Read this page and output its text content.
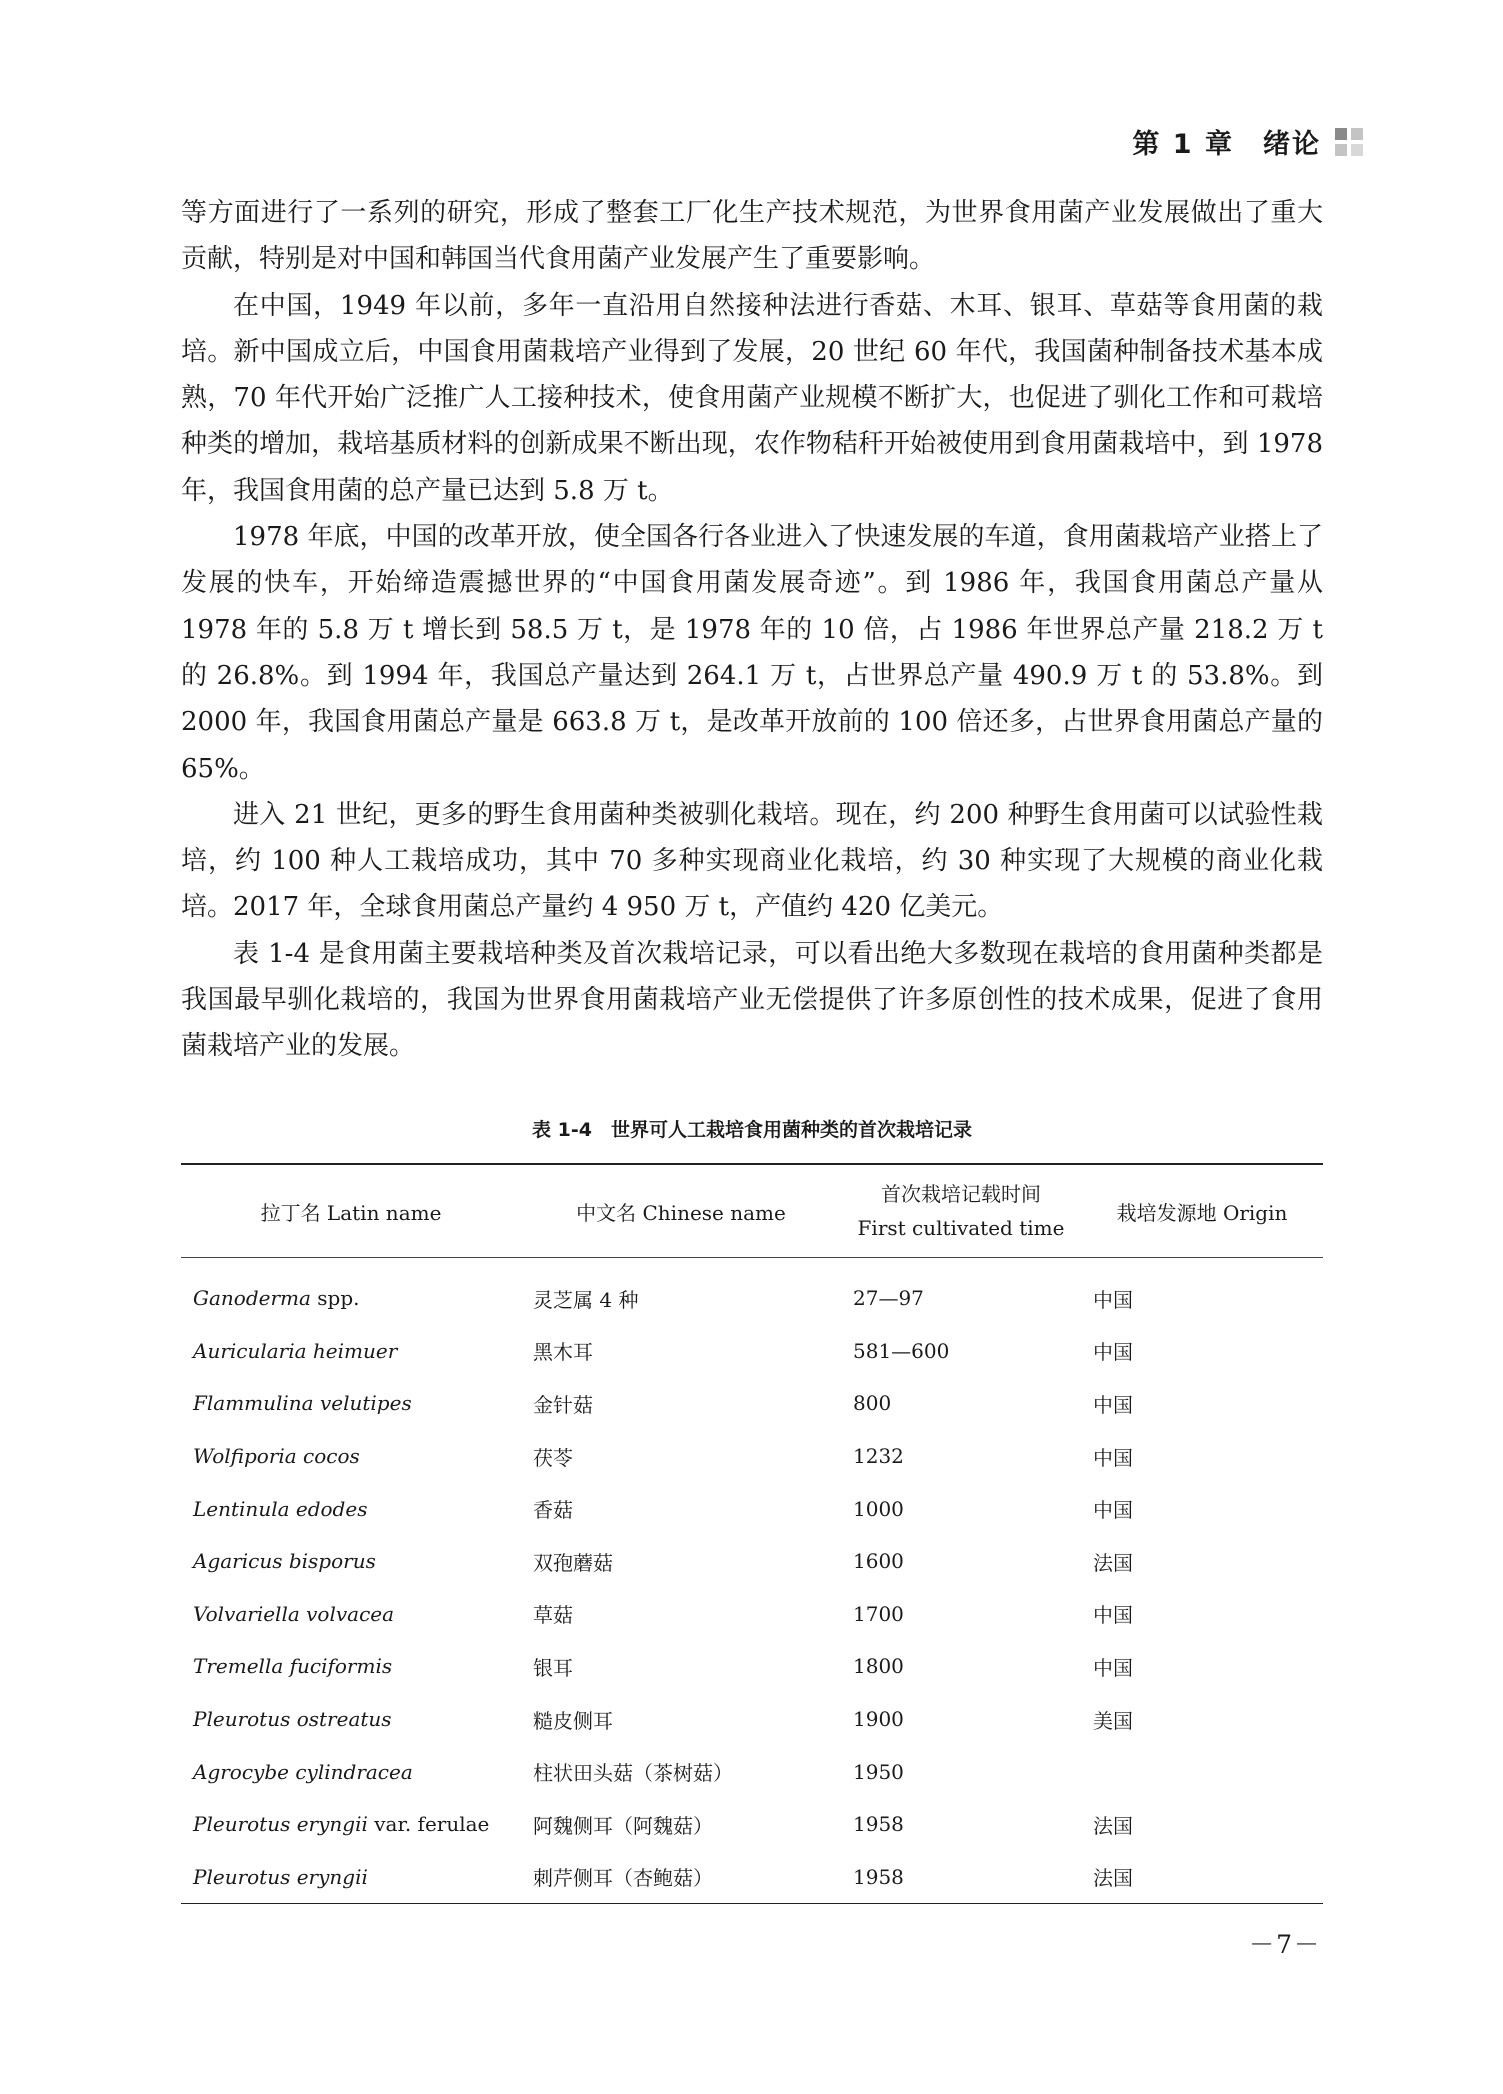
第 1 章　绪论

等方面进行了一系列的研究，形成了整套工厂化生产技术规范，为世界食用菌产业发展做出了重大贡献，特别是对中国和韩国当代食用菌产业发展产生了重要影响。

在中国，1949 年以前，多年一直沿用自然接种法进行香菇、木耳、银耳、草菇等食用菌的栽培。新中国成立后，中国食用菌栽培产业得到了发展，20 世纪 60 年代，我国菌种制备技术基本成熟，70 年代开始广泛推广人工接种技术，使食用菌产业规模不断扩大，也促进了驯化工作和可栽培种类的增加，栽培基质材料的创新成果不断出现，农作物秸秆开始被使用到食用菌栽培中，到 1978 年，我国食用菌的总产量已达到 5.8 万 t。

1978 年底，中国的改革开放，使全国各行各业进入了快速发展的车道，食用菌栽培产业搭上了发展的快车，开始缔造震撼世界的“中国食用菌发展奇迹”。到 1986 年，我国食用菌总产量从 1978 年的 5.8 万 t 增长到 58.5 万 t，是 1978 年的 10 倍，占 1986 年世界总产量 218.2 万 t 的 26.8%。到 1994 年，我国总产量达到 264.1 万 t，占世界总产量 490.9 万 t 的 53.8%。到 2000 年，我国食用菌总产量是 663.8 万 t，是改革开放前的 100 倍还多，占世界食用菌总产量的 65%。

进入 21 世纪，更多的野生食用菌种类被驯化栽培。现在，约 200 种野生食用菌可以试验性栽培，约 100 种人工栽培成功，其中 70 多种实现商业化栽培，约 30 种实现了大规模的商业化栽培。2017 年，全球食用菌总产量约 4 950 万 t，产值约 420 亿美元。

表 1-4 是食用菌主要栽培种类及首次栽培记录，可以看出绝大多数现在栽培的食用菌种类都是我国最早驯化栽培的，我国为世界食用菌栽培产业无偿提供了许多原创性的技术成果，促进了食用菌栽培产业的发展。

表 1-4　世界可人工栽培食用菌种类的首次栽培记录
拉丁名 Latin name	中文名 Chinese name	首次栽培记载时间
First cultivated time	栽培发源地 Origin
Ganoderma spp.	灵芝属 4 种	27—97	中国
Auricularia heimuer	黑木耳	581—600	中国
Flammulina velutipes	金针菇	800	中国
Wolfiporia cocos	茯苓	1232	中国
Lentinula edodes	香菇	1000	中国
Agaricus bisporus	双孢蘑菇	1600	法国
Volvariella volvacea	草菇	1700	中国
Tremella fuciformis	银耳	1800	中国
Pleurotus ostreatus	糙皮侧耳	1900	美国
Agrocybe cylindracea	柱状田头菇（茶树菇）	1950	
Pleurotus eryngii var. ferulae	阿魏侧耳（阿魏菇）	1958	法国
Pleurotus eryngii	刺芹侧耳（杏鲍菇）	1958	法国
－7－
